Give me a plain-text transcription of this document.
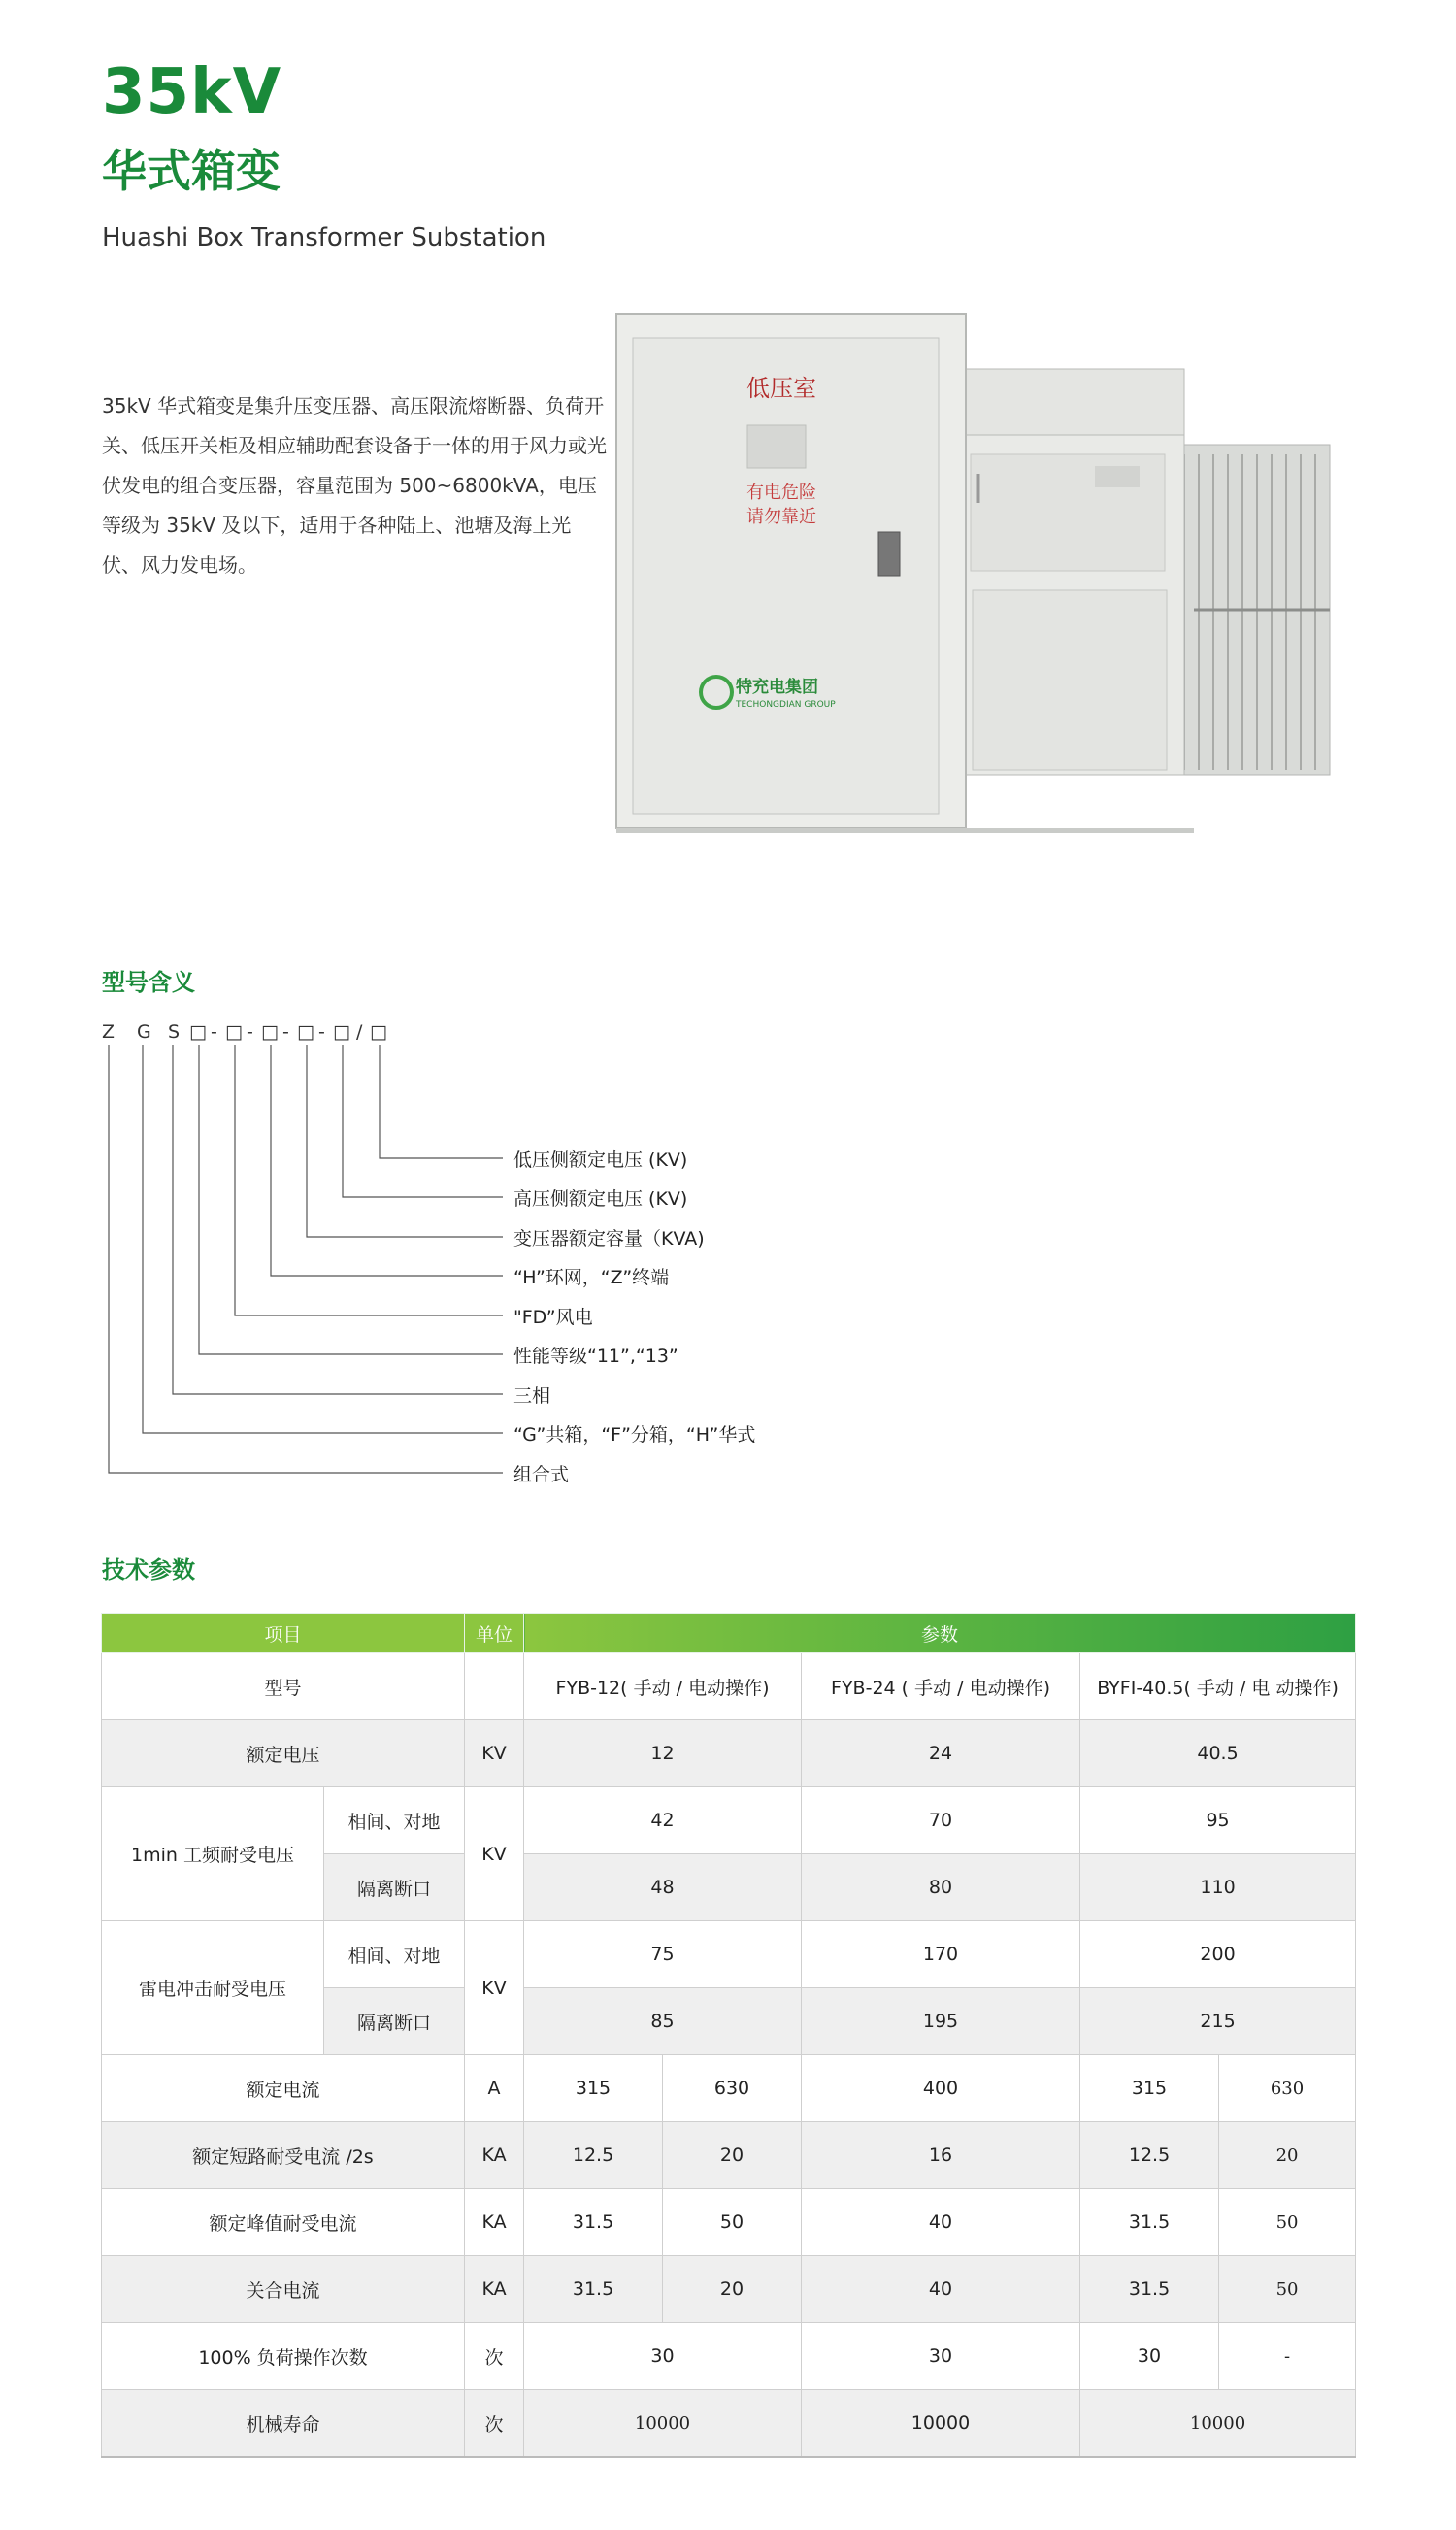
35kV
华式箱变
Huashi Box Transformer Substation
35kV 华式箱变是集升压变压器、高压限流熔断器、负荷开关、低压开关柜及相应辅助配套设备于一体的用于风力或光伏发电的组合变压器，容量范围为 500~6800kVA，电压等级为 35kV 及以下，适用于各种陆上、池塘及海上光伏、风力发电场。
低压室
有电危险
请勿靠近
特充电集团
TECHONGDIAN GROUP
型号含义
Z G S □ - □ - □ - □ - □ / □
低压侧额定电压 (KV)
高压侧额定电压 (KV)
变压器额定容量（KVA)
“H”环网，“Z”终端
"FD”风电
性能等级“11”,“13”
三相
“G”共箱，“F”分箱，“H”华式
组合式
技术参数
项目		单位	参数				
型号			FYB-12( 手动 / 电动操作)		FYB-24 ( 手动 / 电动操作)	BYFI-40.5( 手动 / 电 动操作)	
额定电压		KV	12		24	40.5	
1min 工频耐受电压	相间、对地	KV	42		70	95	
	隔离断口		48		80	110	
雷电冲击耐受电压	相间、对地	KV	75		170	200	
	隔离断口		85		195	215	
额定电流		A	315	630	400	315	630
额定短路耐受电流 /2s		KA	12.5	20	16	12.5	20
额定峰值耐受电流		KA	31.5	50	40	31.5	50
关合电流		KA	31.5	20	40	31.5	50
100% 负荷操作次数		次	30		30	30	-
机械寿命		次	10000		10000	10000	
